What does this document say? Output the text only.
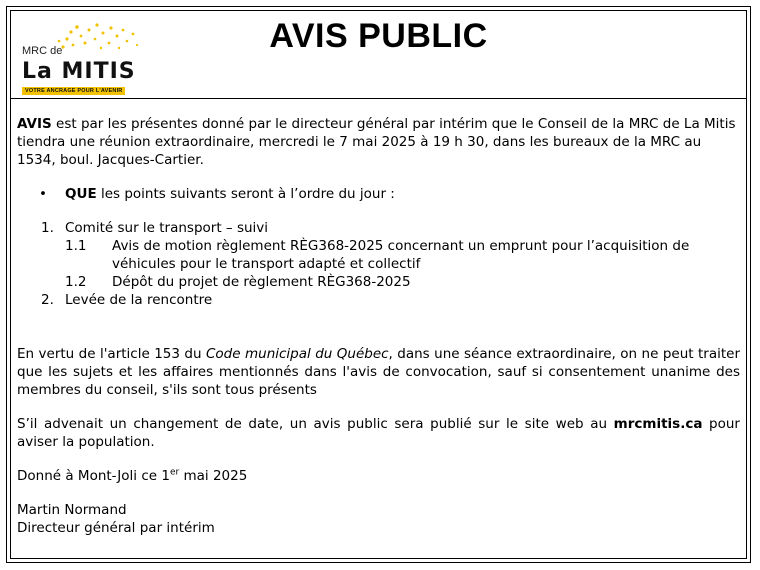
MRC de
La MITIS
VOTRE ANCRAGE POUR L'AVENIR
AVIS PUBLIC

AVIS est par les présentes donné par le directeur général par intérim que le Conseil de la MRC de La Mitis tiendra une réunion extraordinaire, mercredi le 7 mai 2025 à 19 h 30, dans les bureaux de la MRC au 1534, boul. Jacques-Cartier.

• QUE les points suivants seront à l’ordre du jour :
1. Comité sur le transport – suivi
1.1 Avis de motion règlement RÈG368-2025 concernant un emprunt pour l’acquisition de véhicules pour le transport adapté et collectif
1.2 Dépôt du projet de règlement RÈG368-2025
2. Levée de la rencontre

En vertu de l'article 153 du Code municipal du Québec, dans une séance extraordinaire, on ne peut traiter que les sujets et les affaires mentionnés dans l'avis de convocation, sauf si consentement unanime des membres du conseil, s'ils sont tous présents

S’il advenait un changement de date, un avis public sera publié sur le site web au mrcmitis.ca pour aviser la population.

Donné à Mont-Joli ce 1er mai 2025

Martin Normand

Directeur général par intérim
